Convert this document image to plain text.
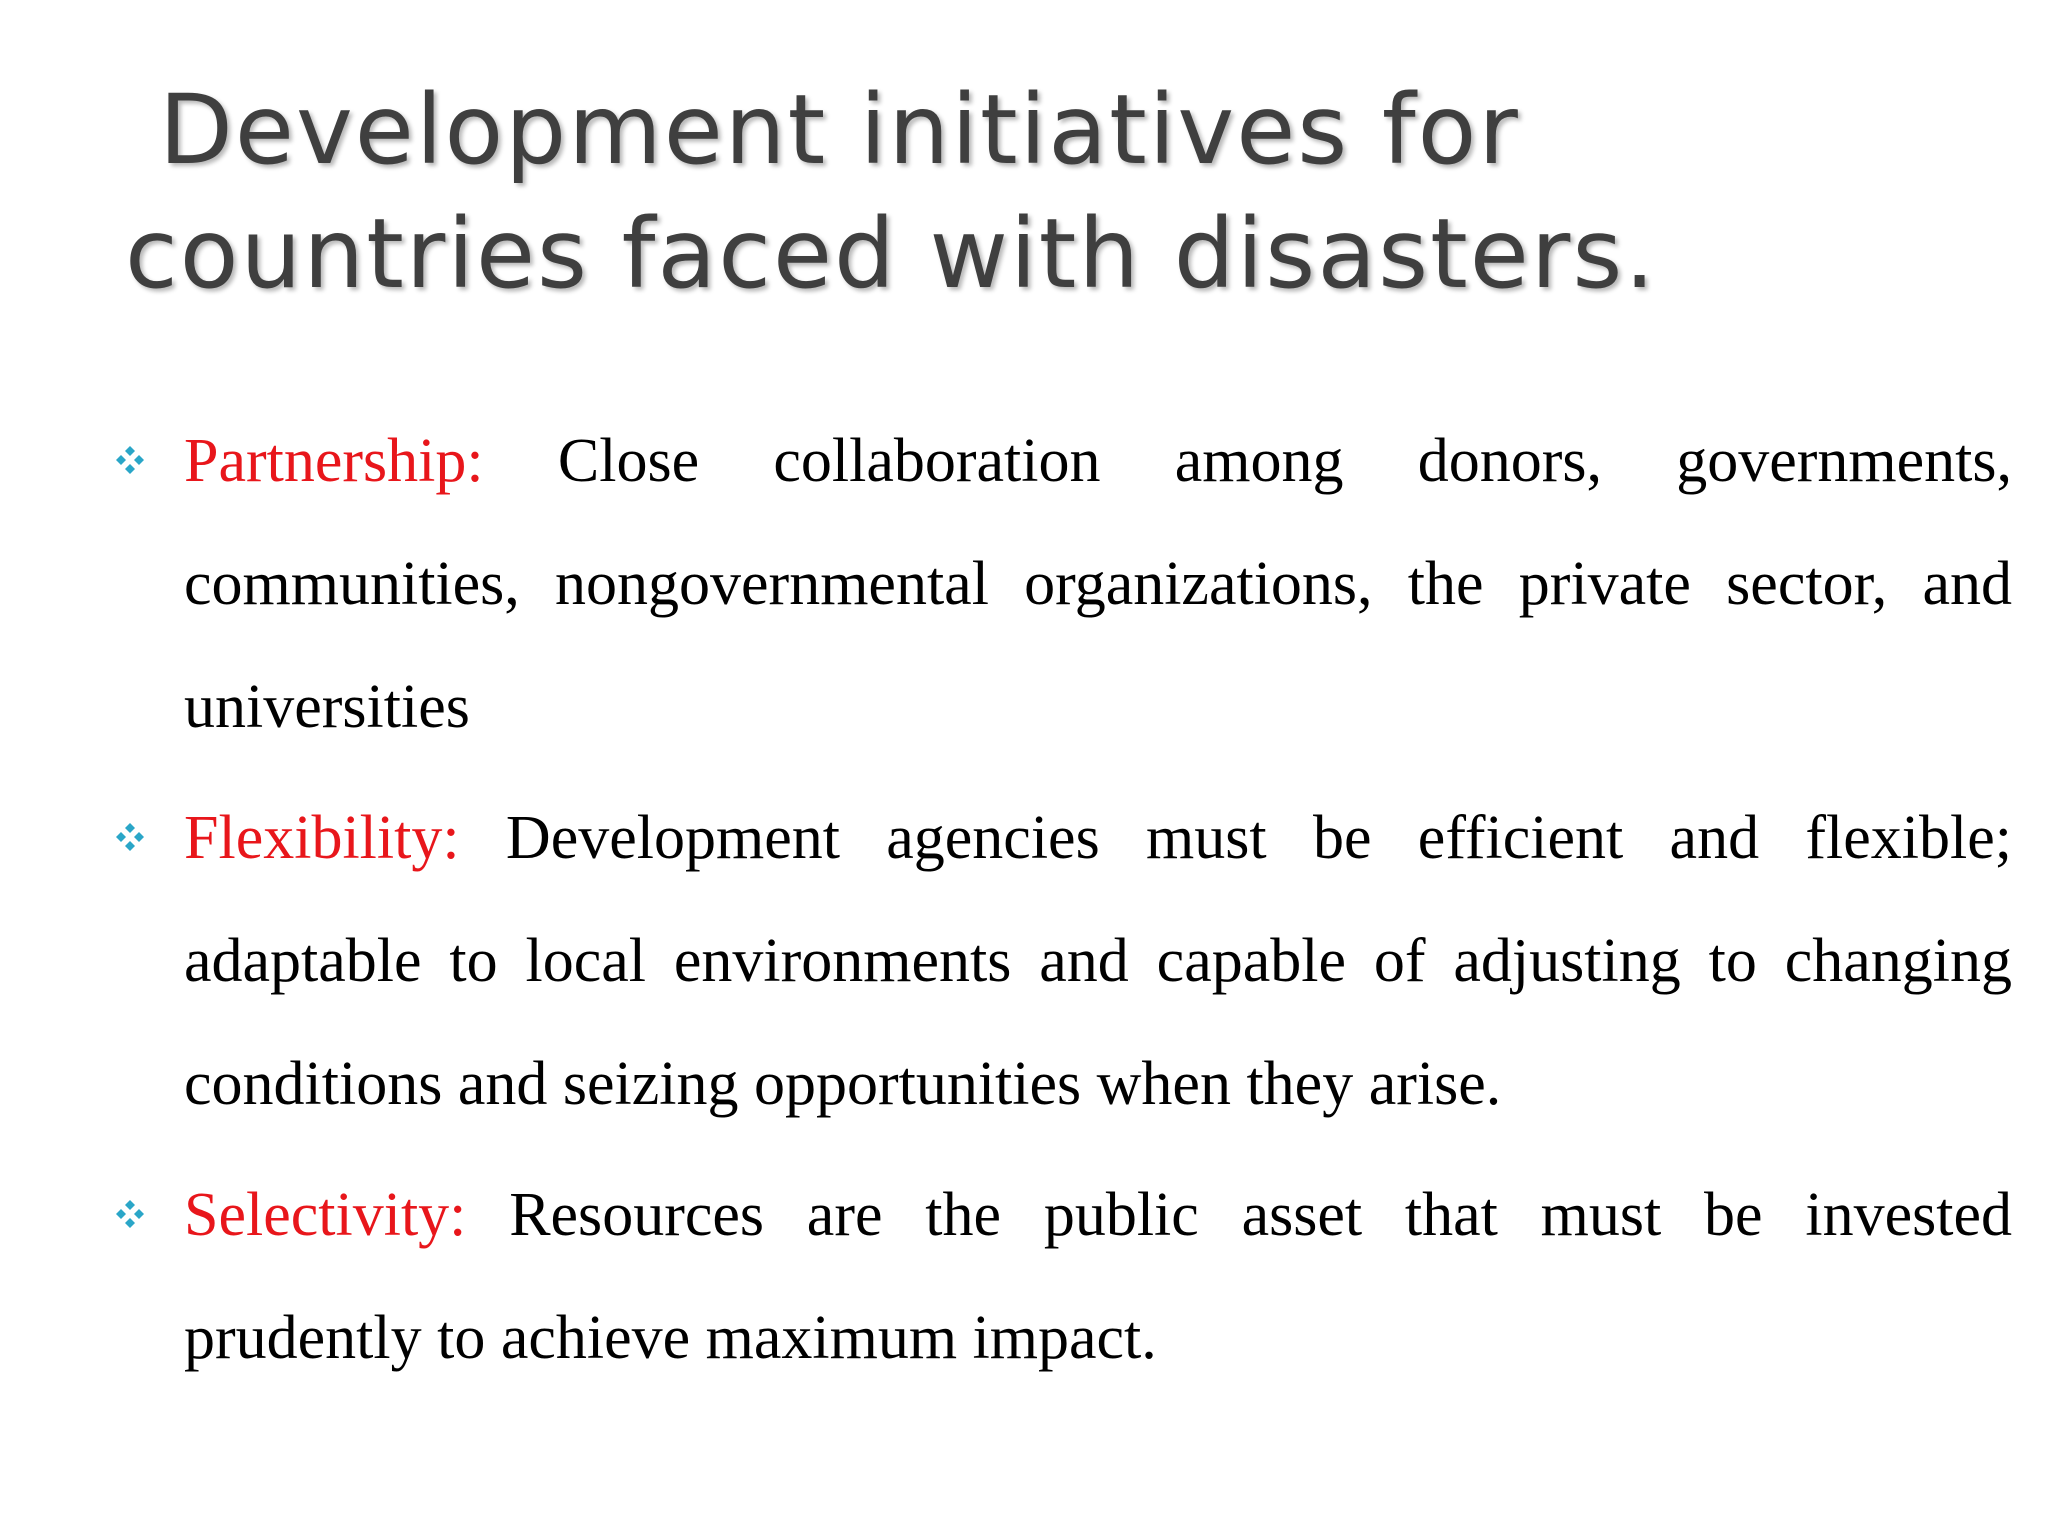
Development initiatives for
countries faced with disasters.
Partnership: Close collaboration among donors, governments, communities, nongovernmental organizations, the private sector, and universities
Flexibility: Development agencies must be efficient and flexible; adaptable to local environments and capable of adjusting to changing conditions and seizing opportunities when they arise.
Selectivity: Resources are the public asset that must be invested prudently to achieve maximum impact.
